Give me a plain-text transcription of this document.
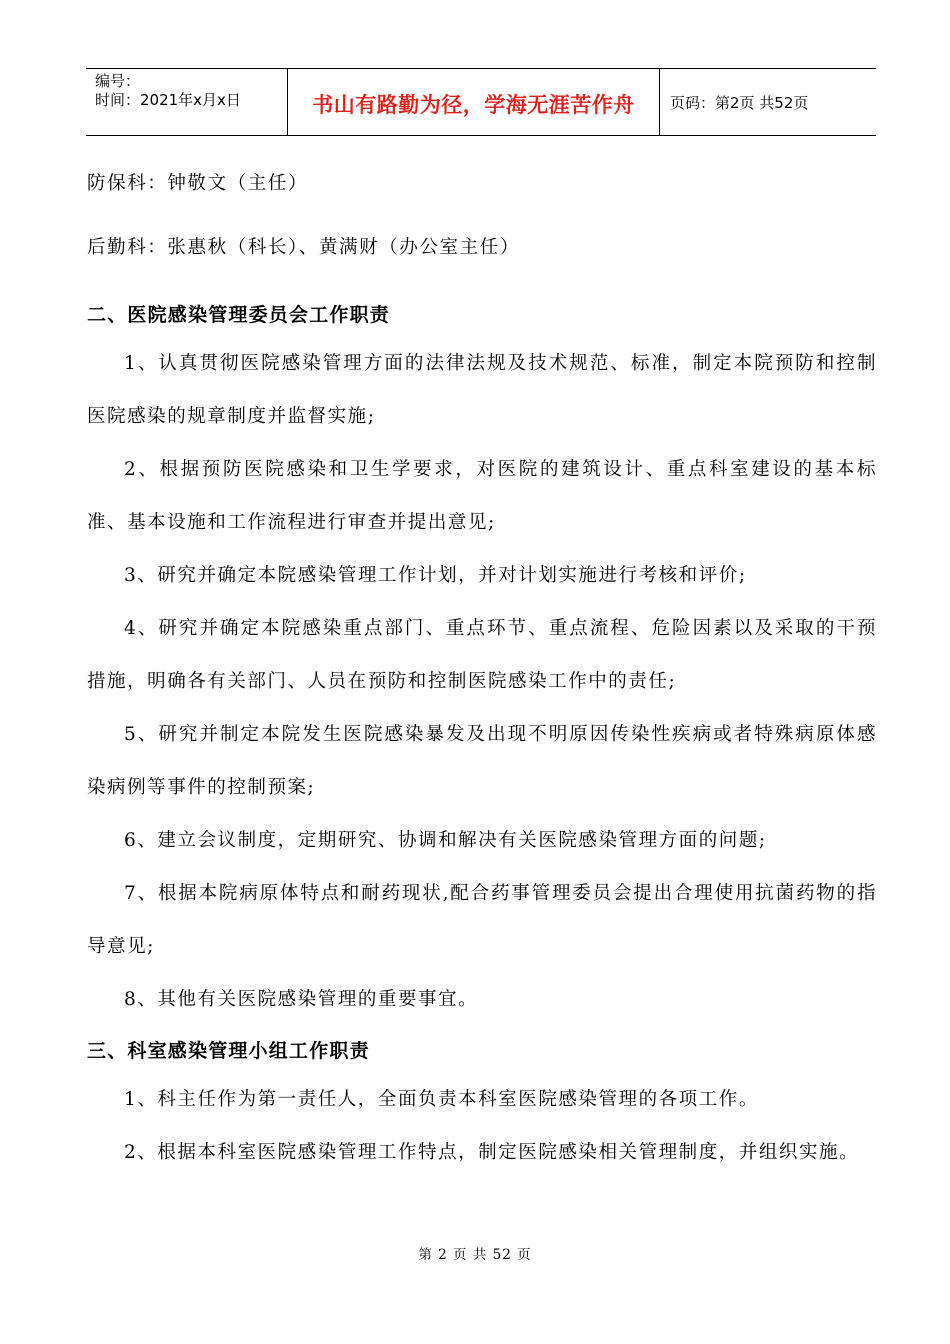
编号：
时间：2021年x月x日	书山有路勤为径，学海无涯苦作舟	页码：第2页 共52页
防保科：钟敬文（主任）
后勤科：张惠秋（科长）、黄满财（办公室主任）
二、医院感染管理委员会工作职责

1、认真贯彻医院感染管理方面的法律法规及技术规范、标准，制定本院预防和控制医院感染的规章制度并监督实施;

2、根据预防医院感染和卫生学要求，对医院的建筑设计、重点科室建设的基本标准、基本设施和工作流程进行审查并提出意见;

3、研究并确定本院感染管理工作计划，并对计划实施进行考核和评价;

4、研究并确定本院感染重点部门、重点环节、重点流程、危险因素以及采取的干预措施，明确各有关部门、人员在预防和控制医院感染工作中的责任;

5、研究并制定本院发生医院感染暴发及出现不明原因传染性疾病或者特殊病原体感染病例等事件的控制预案;

6、建立会议制度，定期研究、协调和解决有关医院感染管理方面的问题;

7、根据本院病原体特点和耐药现状,配合药事管理委员会提出合理使用抗菌药物的指导意见;

8、其他有关医院感染管理的重要事宜。

三、科室感染管理小组工作职责

1、科主任作为第一责任人，全面负责本科室医院感染管理的各项工作。

2、根据本科室医院感染管理工作特点，制定医院感染相关管理制度，并组织实施。

第 2 页 共 52 页
